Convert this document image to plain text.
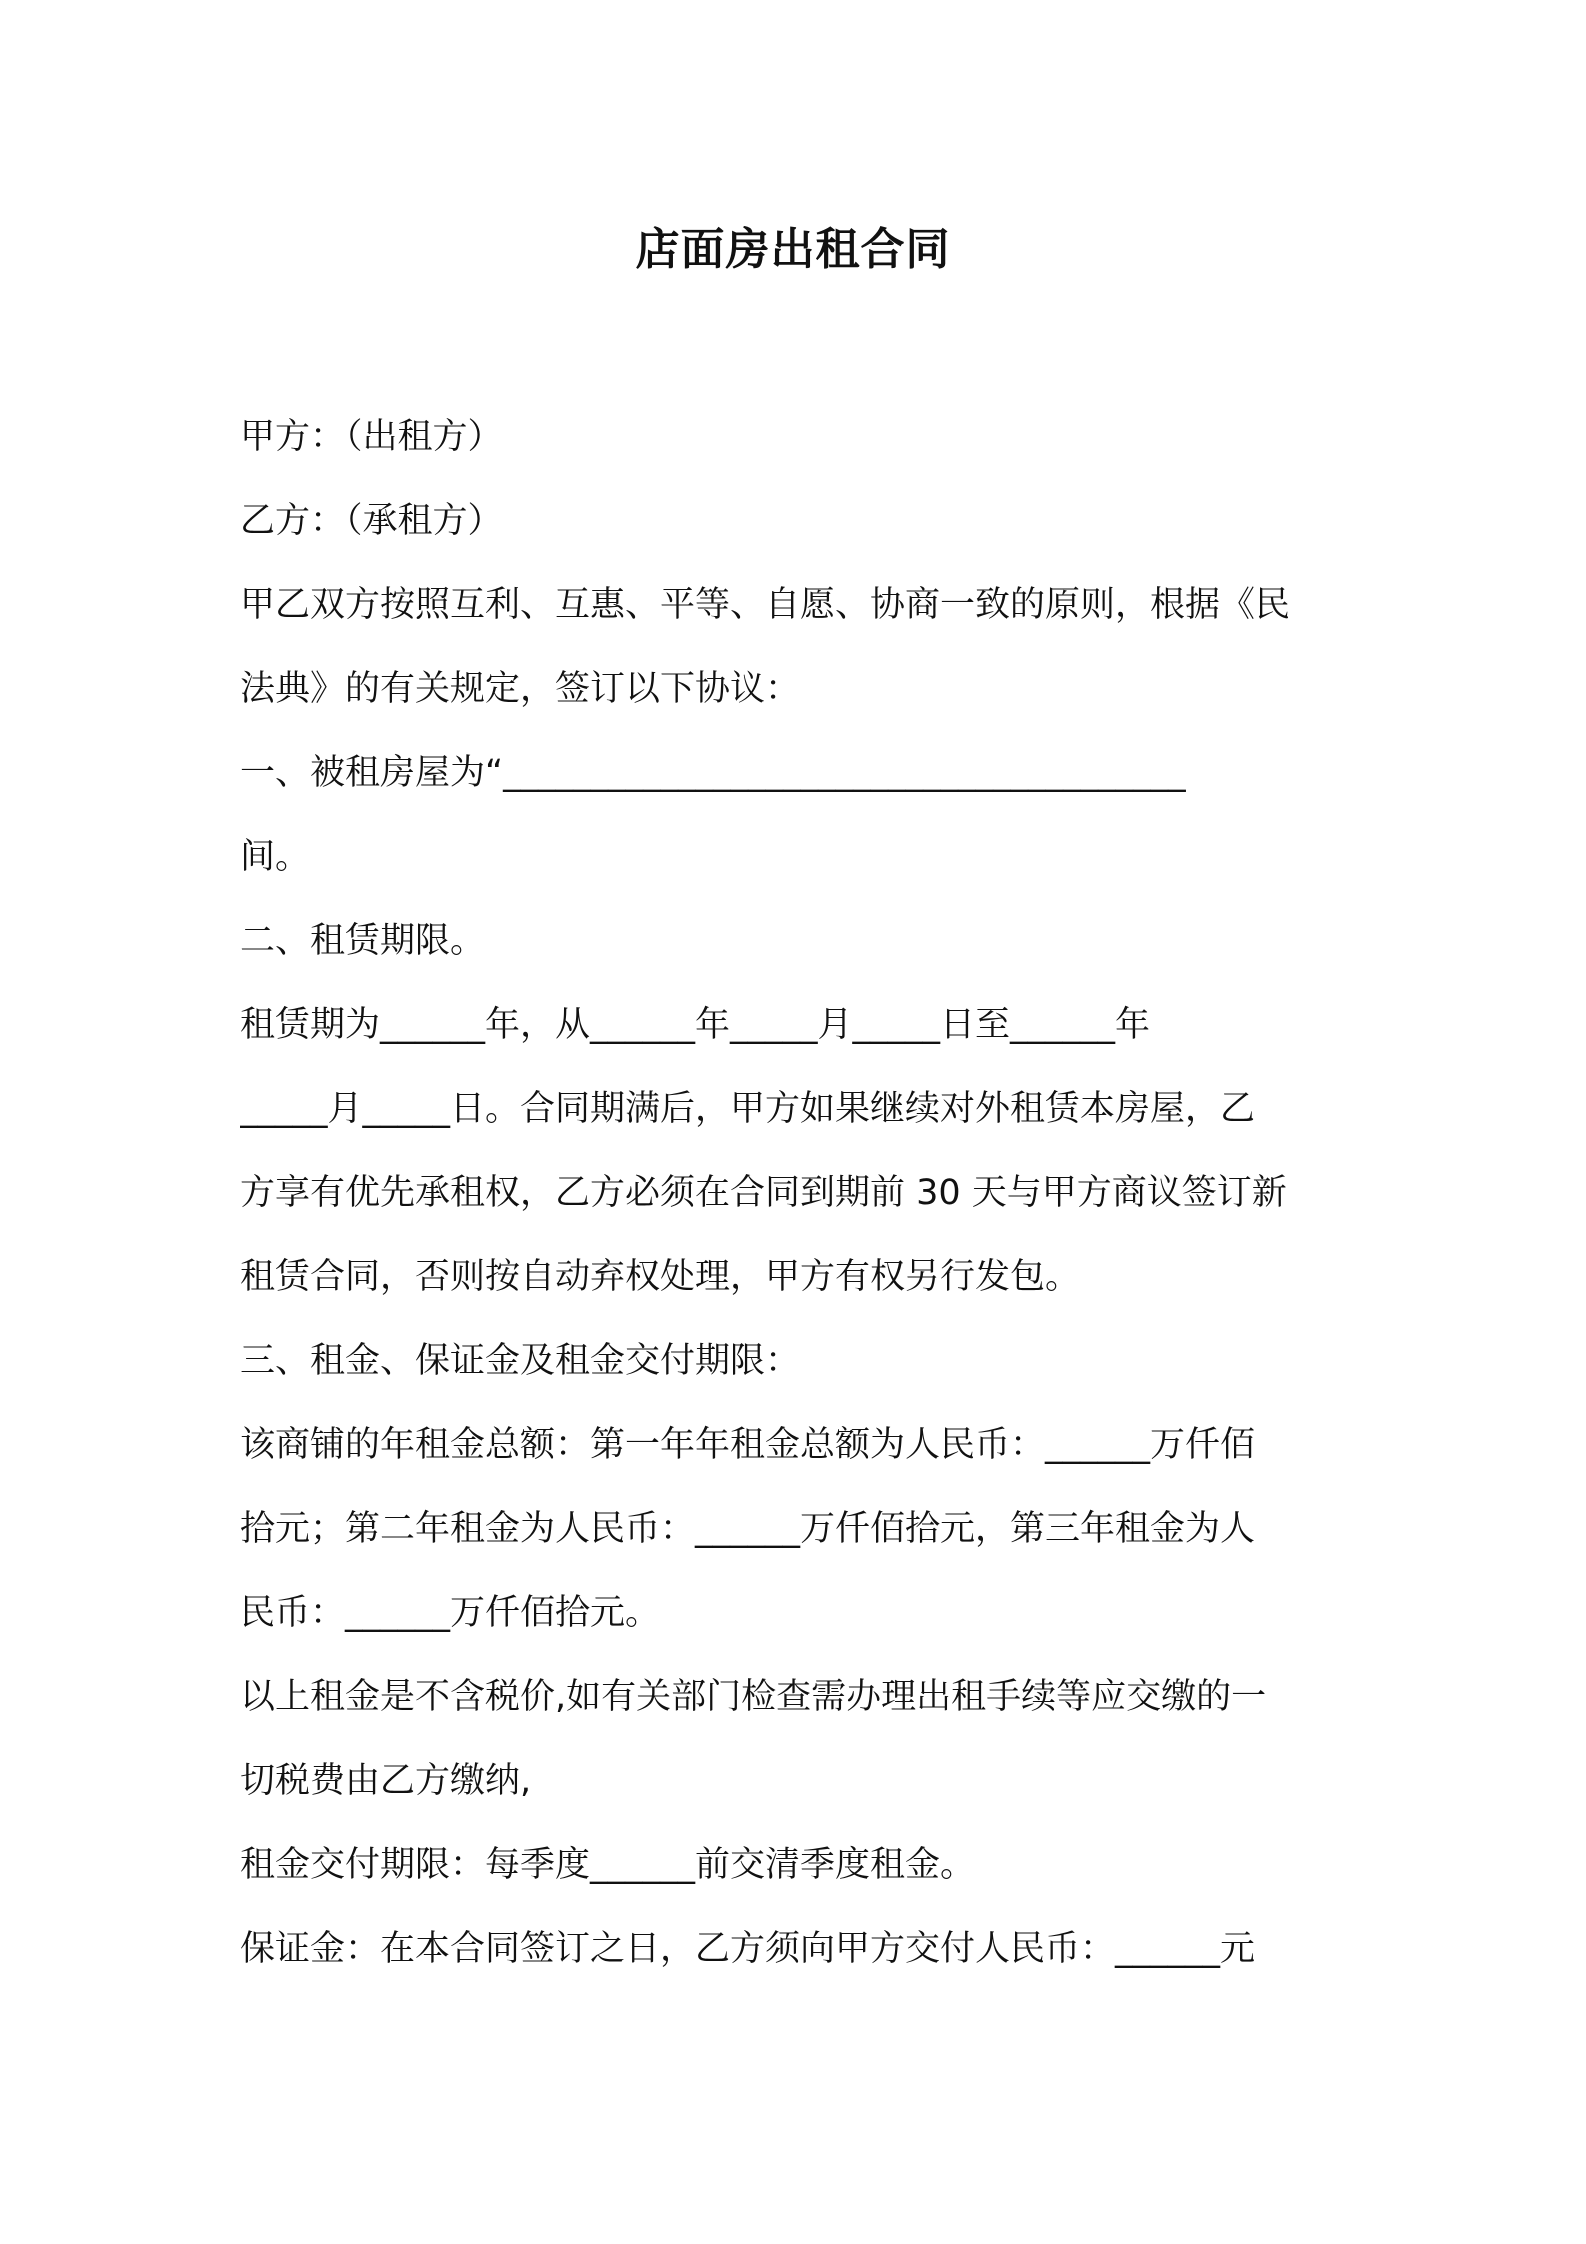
店面房出租合同
甲方：（出租方）
乙方：（承租方）
甲乙双方按照互利、互惠、平等、自愿、协商一致的原则，根据《民
法典》的有关规定，签订以下协议：
一、被租房屋为“_______________________________________
间。
二、租赁期限。
租赁期为______年，从______年_____月_____日至______年
_____月_____日。合同期满后，甲方如果继续对外租赁本房屋，乙
方享有优先承租权，乙方必须在合同到期前 30 天与甲方商议签订新
租赁合同，否则按自动弃权处理，甲方有权另行发包。
三、租金、保证金及租金交付期限：
该商铺的年租金总额：第一年年租金总额为人民币：______万仟佰
拾元；第二年租金为人民币：______万仟佰拾元，第三年租金为人
民币：______万仟佰拾元。
以上租金是不含税价,如有关部门检查需办理出租手续等应交缴的一
切税费由乙方缴纳,
租金交付期限：每季度______前交清季度租金。
保证金：在本合同签订之日，乙方须向甲方交付人民币：______元
